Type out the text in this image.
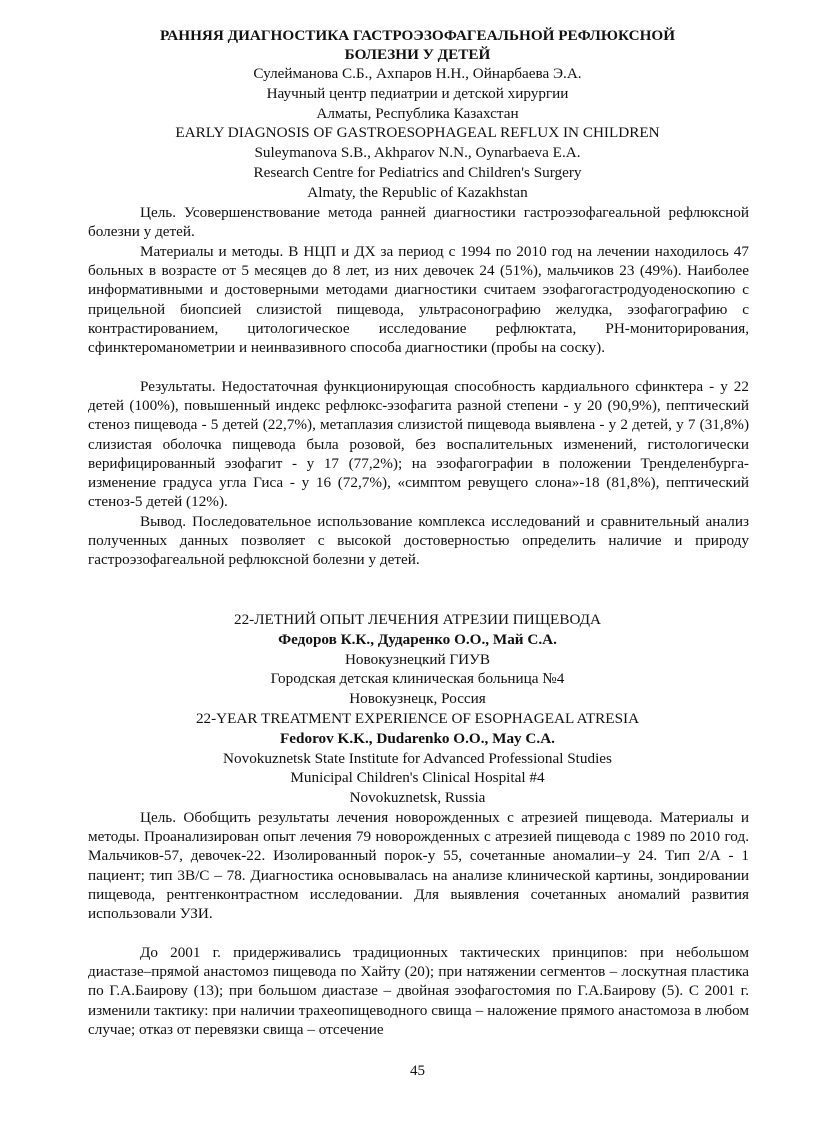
РАННЯЯ ДИАГНОСТИКА ГАСТРОЭЗОФАГЕАЛЬНОЙ РЕФЛЮКСНОЙ
БОЛЕЗНИ У ДЕТЕЙ
Сулейманова С.Б., Ахпаров Н.Н., Ойнарбаева Э.А.
Научный центр педиатрии и детской хирургии
Алматы, Республика Казахстан
EARLY DIAGNOSIS OF GASTROESOPHAGEAL REFLUX IN CHILDREN
Suleymanova S.B., Akhparov N.N., Oynarbaeva E.A.
Research Centre for Pediatrics and Children's Surgery
Almaty, the Republic of Kazakhstan
Цель. Усовершенствование метода ранней диагностики гастроэзофагеальной рефлюксной болезни у детей.
Материалы и методы. В НЦП и ДХ за период с 1994 по 2010 год на лечении находилось 47 больных в возрасте от 5 месяцев до 8 лет, из них девочек 24 (51%), мальчиков 23 (49%). Наиболее информативными и достоверными методами диагностики считаем эзофагогастродуоденоскопию с прицельной биопсией слизистой пищевода, ультрасонографию желудка, эзофагографию с контрастированием, цитологическое исследование рефлюктата, PH-мониторирования, сфинктероманометрии и неинвазивного способа диагностики (пробы на соску).
Результаты. Недостаточная функционирующая способность кардиального сфинктера - у 22 детей (100%), повышенный индекс рефлюкс-эзофагита разной степени - у 20 (90,9%), пептический стеноз пищевода - 5 детей (22,7%), метаплазия слизистой пищевода выявлена - у 2 детей, у 7 (31,8%) слизистая оболочка пищевода была розовой, без воспалительных изменений, гистологически верифицированный эзофагит - у 17 (77,2%); на эзофагографии в положении Тренделенбурга-изменение градуса угла Гиса - у 16 (72,7%), «симптом ревущего слона»-18 (81,8%), пептический стеноз-5 детей (12%).
Вывод. Последовательное использование комплекса исследований и сравнительный анализ полученных данных позволяет с высокой достоверностью определить наличие и природу гастроэзофагеальной рефлюксной болезни у детей.
22-ЛЕТНИЙ ОПЫТ ЛЕЧЕНИЯ АТРЕЗИИ ПИЩЕВОДА
Федоров К.К., Дударенко О.О., Май С.А.
Новокузнецкий ГИУВ
Городская детская клиническая больница №4
Новокузнецк, Россия
22-YEAR TREATMENT EXPERIENCE OF ESOPHAGEAL ATRESIA
Fedorov K.K., Dudarenko O.O., May C.A.
Novokuznetsk State Institute for Advanced Professional Studies
Municipal Children's Clinical Hospital #4
Novokuznetsk, Russia
Цель. Обобщить результаты лечения новорожденных с атрезией пищевода. Материалы и методы. Проанализирован опыт лечения 79 новорожденных с атрезией пищевода с 1989 по 2010 год. Мальчиков-57, девочек-22. Изолированный порок-у 55, сочетанные аномалии–у 24. Тип 2/А - 1 пациент; тип 3В/С – 78. Диагностика основывалась на анализе клинической картины, зондировании пищевода, рентгенконтрастном исследовании. Для выявления сочетанных аномалий развития использовали УЗИ.
До 2001 г. придерживались традиционных тактических принципов: при небольшом диастазе–прямой анастомоз пищевода по Хайту (20); при натяжении сегментов – лоскутная пластика по Г.А.Баирову (13); при большом диастазе – двойная эзофагостомия по Г.А.Баирову (5). С 2001 г. изменили тактику: при наличии трахеопищеводного свища – наложение прямого анастомоза в любом случае; отказ от перевязки свища – отсечение
45
